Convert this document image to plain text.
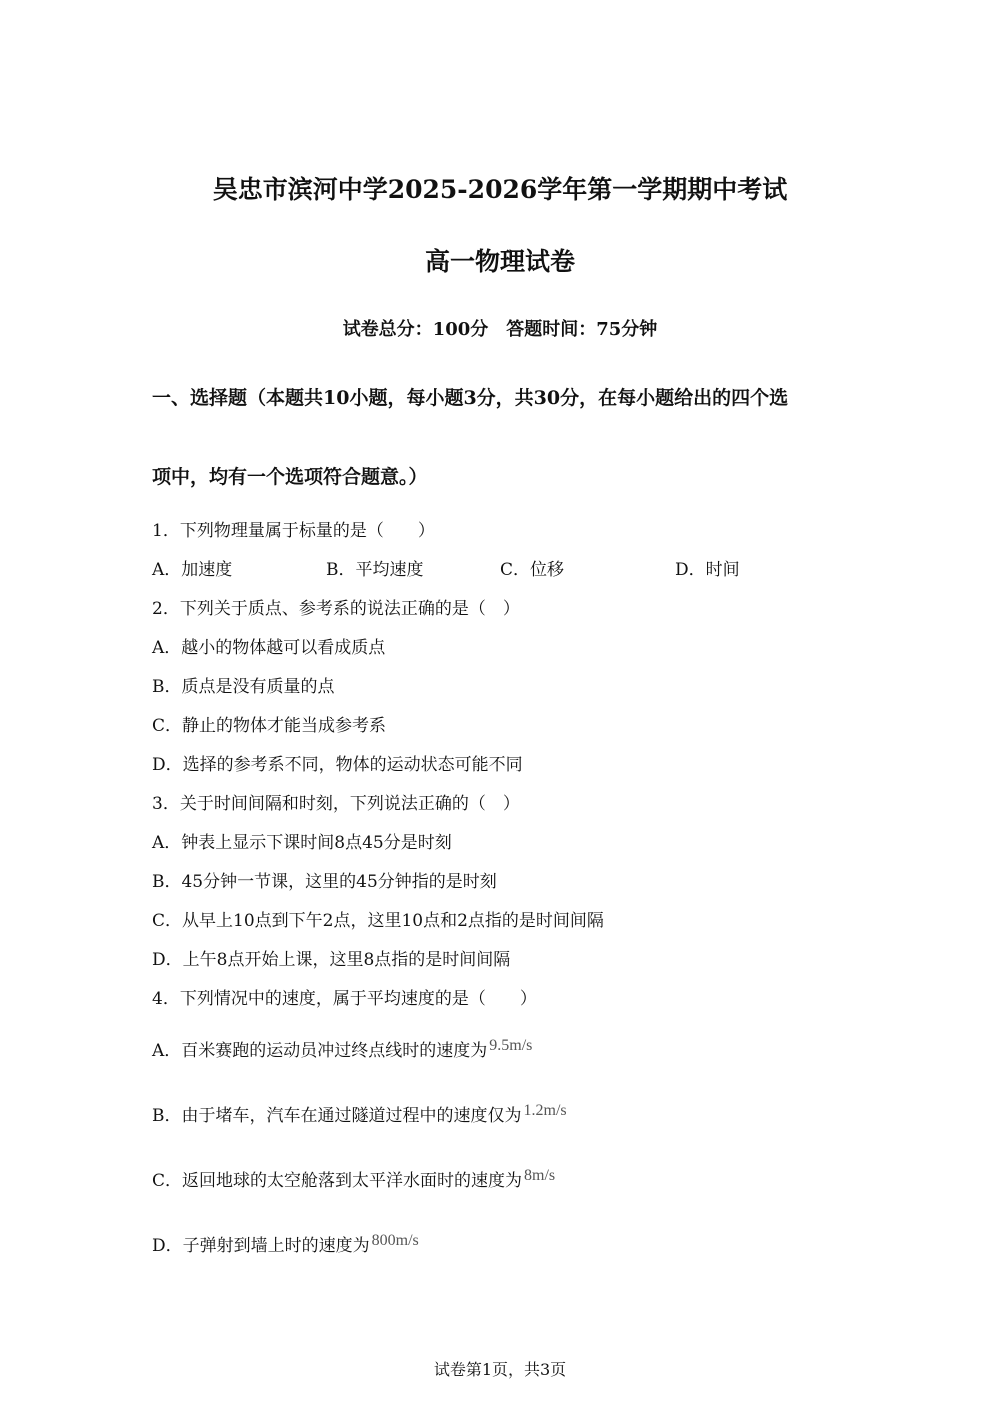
吴忠市滨河中学2025-2026学年第一学期期中考试
高一物理试卷
试卷总分：100分　答题时间：75分钟
一、选择题（本题共10小题，每小题3分，共30分，在每小题给出的四个选
项中，均有一个选项符合题意。）
1．下列物理量属于标量的是（　　）
A．加速度	B．平均速度	C．位移	D．时间
2．下列关于质点、参考系的说法正确的是（　）
A．越小的物体越可以看成质点
B．质点是没有质量的点
C．静止的物体才能当成参考系
D．选择的参考系不同，物体的运动状态可能不同
3．关于时间间隔和时刻，下列说法正确的（　）
A．钟表上显示下课时间8点45分是时刻
B．45分钟一节课，这里的45分钟指的是时刻
C．从早上10点到下午2点，这里10点和2点指的是时间间隔
D．上午8点开始上课，这里8点指的是时间间隔
4．下列情况中的速度，属于平均速度的是（　　）
A．百米赛跑的运动员冲过终点线时的速度为 9.5m/s
B．由于堵车，汽车在通过隧道过程中的速度仅为 1.2m/s
C．返回地球的太空舱落到太平洋水面时的速度为 8m/s
D．子弹射到墙上时的速度为 800m/s
试卷第1页，共3页
